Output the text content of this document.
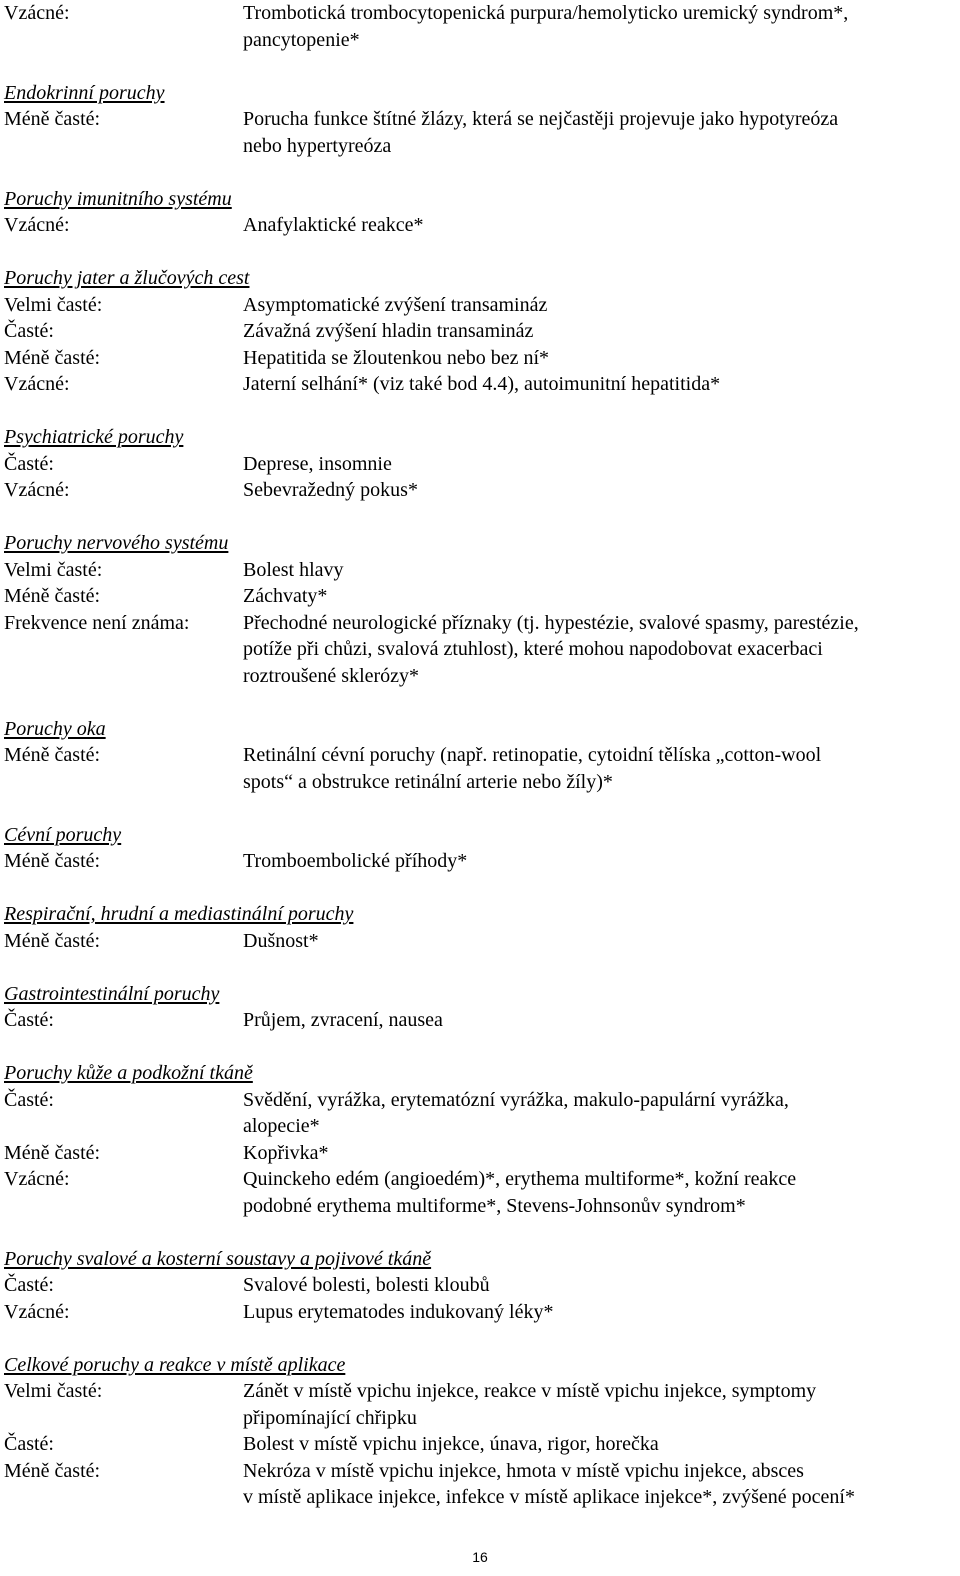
Vzácné:	Trombotická trombocytopenická purpura/hemolyticko uremický syndrom*,
pancytopenie*
Endokrinní poruchy
Méně časté:	Porucha funkce štítné žlázy, která se nejčastěji projevuje jako hypotyreóza
nebo hypertyreóza
Poruchy imunitního systému
Vzácné:	Anafylaktické reakce*
Poruchy jater a žlučových cest
Velmi časté:	Asymptomatické zvýšení transamináz
Časté:	Závažná zvýšení hladin transamináz
Méně časté:	Hepatitida se žloutenkou nebo bez ní*
Vzácné:	Jaterní selhání* (viz také bod 4.4), autoimunitní hepatitida*
Psychiatrické poruchy
Časté:	Deprese, insomnie
Vzácné:	Sebevražedný pokus*
Poruchy nervového systému
Velmi časté:	Bolest hlavy
Méně časté:	Záchvaty*
Frekvence není známa:	Přechodné neurologické příznaky (tj. hypestézie, svalové spasmy, parestézie,
potíže při chůzi, svalová ztuhlost), které mohou napodobovat exacerbaci
roztroušené sklerózy*
Poruchy oka
Méně časté:	Retinální cévní poruchy (např. retinopatie, cytoidní tělíska „cotton-wool
spots“ a obstrukce retinální arterie nebo žíly)*
Cévní poruchy
Méně časté:	Tromboembolické příhody*
Respirační, hrudní a mediastinální poruchy
Méně časté:	Dušnost*
Gastrointestinální poruchy
Časté:	Průjem, zvracení, nausea
Poruchy kůže a podkožní tkáně
Časté:	Svědění, vyrážka, erytematózní vyrážka, makulo-papulární vyrážka,
alopecie*
Méně časté:	Kopřivka*
Vzácné:	Quinckeho edém (angioedém)*, erythema multiforme*, kožní reakce
podobné erythema multiforme*, Stevens-Johnsonův syndrom*
Poruchy svalové a kosterní soustavy a pojivové tkáně
Časté:	Svalové bolesti, bolesti kloubů
Vzácné:	Lupus erytematodes indukovaný léky*
Celkové poruchy a reakce v místě aplikace
Velmi časté:	Zánět v místě vpichu injekce, reakce v místě vpichu injekce, symptomy
připomínající chřipku
Časté:	Bolest v místě vpichu injekce, únava, rigor, horečka
Méně časté:	Nekróza v místě vpichu injekce, hmota v místě vpichu injekce, absces
v místě aplikace injekce, infekce v místě aplikace injekce*, zvýšené pocení*
16
